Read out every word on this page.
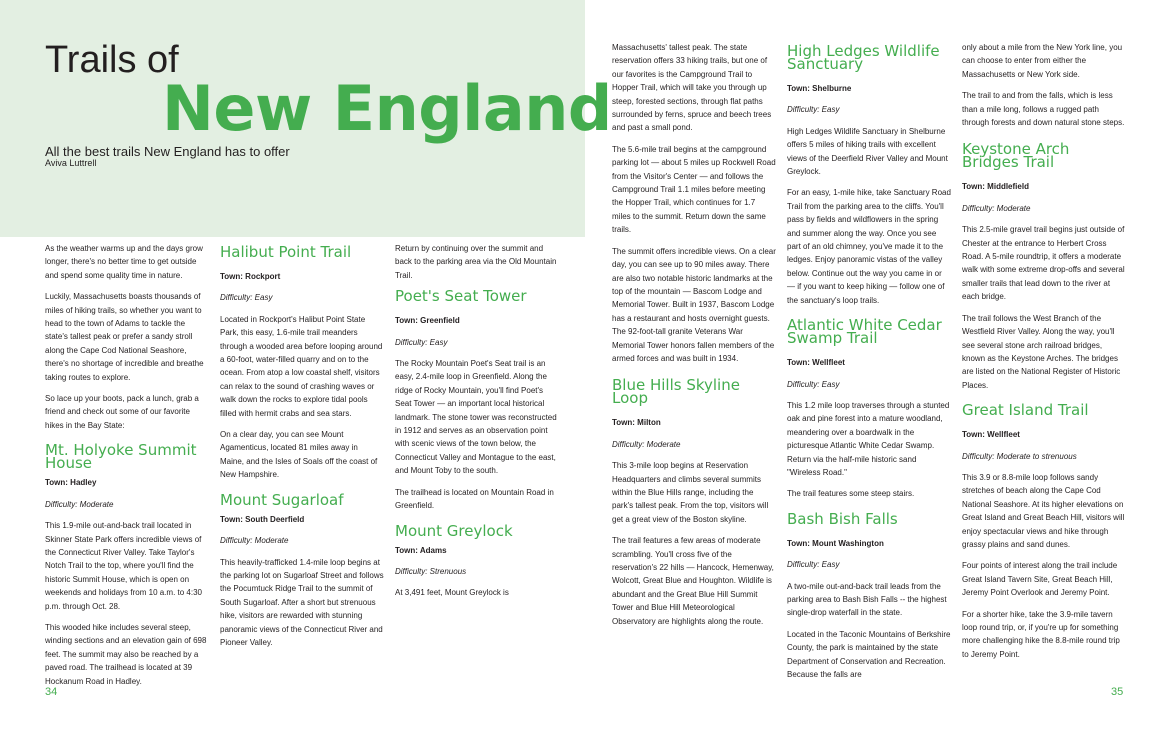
Trails of
New England
All the best trails New England has to offer
Aviva Luttrell

As the weather warms up and the days grow longer, there's no better time to get outside and spend some quality time in nature.

Luckily, Massachusetts boasts thousands of miles of hiking trails, so whether you want to head to the town of Adams to tackle the state's tallest peak or prefer a sandy stroll along the Cape Cod National Seashore, there's no shortage of incredible and breathe taking routes to explore.

So lace up your boots, pack a lunch, grab a friend and check out some of our favorite hikes in the Bay State:

Mt. Holyoke Summit House

Town: Hadley

Difficulty: Moderate

This 1.9-mile out-and-back trail located in Skinner State Park offers incredible views of the Connecticut River Valley. Take Taylor's Notch Trail to the top, where you'll find the historic Summit House, which is open on weekends and holidays from 10 a.m. to 4:30 p.m. through Oct. 28.

This wooded hike includes several steep, winding sections and an elevation gain of 698 feet. The summit may also be reached by a paved road. The trailhead is located at 39 Hockanum Road in Hadley.

Halibut Point Trail

Town: Rockport

Difficulty: Easy

Located in Rockport's Halibut Point State Park, this easy, 1.6-mile trail meanders through a wooded area before looping around a 60-foot, water-filled quarry and on to the ocean. From atop a low coastal shelf, visitors can relax to the sound of crashing waves or walk down the rocks to explore tidal pools filled with hermit crabs and sea stars.

On a clear day, you can see Mount Agamenticus, located 81 miles away in Maine, and the Isles of Soals off the coast of New Hampshire.

Mount Sugarloaf

Town: South Deerfield

Difficulty: Moderate

This heavily-trafficked 1.4-mile loop begins at the parking lot on Sugarloaf Street and follows the Pocumtuck Ridge Trail to the summit of South Sugarloaf. After a short but strenuous hike, visitors are rewarded with stunning panoramic views of the Connecticut River and Pioneer Valley.

Return by continuing over the summit and back to the parking area via the Old Mountain Trail.

Poet's Seat Tower

Town: Greenfield

Difficulty: Easy

The Rocky Mountain Poet's Seat trail is an easy, 2.4-mile loop in Greenfield. Along the ridge of Rocky Mountain, you'll find Poet's Seat Tower — an important local historical landmark. The stone tower was reconstructed in 1912 and serves as an observation point with scenic views of the town below, the Connecticut Valley and Montague to the east, and Mount Toby to the south.

The trailhead is located on Mountain Road in Greenfield.

Mount Greylock

Town: Adams

Difficulty: Strenuous

At 3,491 feet, Mount Greylock is

Massachusetts' tallest peak. The state reservation offers 33 hiking trails, but one of our favorites is the Campground Trail to Hopper Trail, which will take you through up steep, forested sections, through flat paths surrounded by ferns, spruce and beech trees and past a small pond.

The 5.6-mile trail begins at the campground parking lot — about 5 miles up Rockwell Road from the Visitor's Center — and follows the Campground Trail 1.1 miles before meeting the Hopper Trail, which continues for 1.7 miles to the summit. Return down the same trails.

The summit offers incredible views. On a clear day, you can see up to 90 miles away. There are also two notable historic landmarks at the top of the mountain — Bascom Lodge and Memorial Tower. Built in 1937, Bascom Lodge has a restaurant and hosts overnight guests. The 92-foot-tall granite Veterans War Memorial Tower honors fallen members of the armed forces and was built in 1934.

Blue Hills Skyline Loop

Town: Milton

Difficulty: Moderate

This 3-mile loop begins at Reservation Headquarters and climbs several summits within the Blue Hills range, including the park's tallest peak. From the top, visitors will get a great view of the Boston skyline.

The trail features a few areas of moderate scrambling. You'll cross five of the reservation's 22 hills — Hancock, Hemenway, Wolcott, Great Blue and Houghton. Wildlife is abundant and the Great Blue Hill Summit Tower and Blue Hill Meteorological Observatory are highlights along the route.

High Ledges Wildlife Sanctuary

Town: Shelburne

Difficulty: Easy

High Ledges Wildlife Sanctuary in Shelburne offers 5 miles of hiking trails with excellent views of the Deerfield River Valley and Mount Greylock.

For an easy, 1-mile hike, take Sanctuary Road Trail from the parking area to the cliffs. You'll pass by fields and wildflowers in the spring and summer along the way. Once you see part of an old chimney, you've made it to the ledges. Enjoy panoramic vistas of the valley below. Continue out the way you came in or — if you want to keep hiking — follow one of the sanctuary's loop trails.

Atlantic White Cedar Swamp Trail

Town: Wellfleet

Difficulty: Easy

This 1.2 mile loop traverses through a stunted oak and pine forest into a mature woodland, meandering over a boardwalk in the picturesque Atlantic White Cedar Swamp. Return via the half-mile historic sand "Wireless Road."

The trail features some steep stairs.

Bash Bish Falls

Town: Mount Washington

Difficulty: Easy

A two-mile out-and-back trail leads from the parking area to Bash Bish Falls -- the highest single-drop waterfall in the state.

Located in the Taconic Mountains of Berkshire County, the park is maintained by the state Department of Conservation and Recreation. Because the falls are

only about a mile from the New York line, you can choose to enter from either the Massachusetts or New York side.

The trail to and from the falls, which is less than a mile long, follows a rugged path through forests and down natural stone steps.

Keystone Arch Bridges Trail

Town: Middlefield

Difficulty: Moderate

This 2.5-mile gravel trail begins just outside of Chester at the entrance to Herbert Cross Road. A 5-mile roundtrip, it offers a moderate walk with some extreme drop-offs and several smaller trails that lead down to the river at each bridge.

The trail follows the West Branch of the Westfield River Valley. Along the way, you'll see several stone arch railroad bridges, known as the Keystone Arches. The bridges are listed on the National Register of Historic Places.

Great Island Trail

Town: Wellfleet

Difficulty: Moderate to strenuous

This 3.9 or 8.8-mile loop follows sandy stretches of beach along the Cape Cod National Seashore. At its higher elevations on Great Island and Great Beach Hill, visitors will enjoy spectacular views and hike through grassy plains and sand dunes.

Four points of interest along the trail include Great Island Tavern Site, Great Beach Hill, Jeremy Point Overlook and Jeremy Point.

For a shorter hike, take the 3.9-mile tavern loop round trip, or, if you're up for something more challenging hike the 8.8-mile round trip to Jeremy Point.

34	35
